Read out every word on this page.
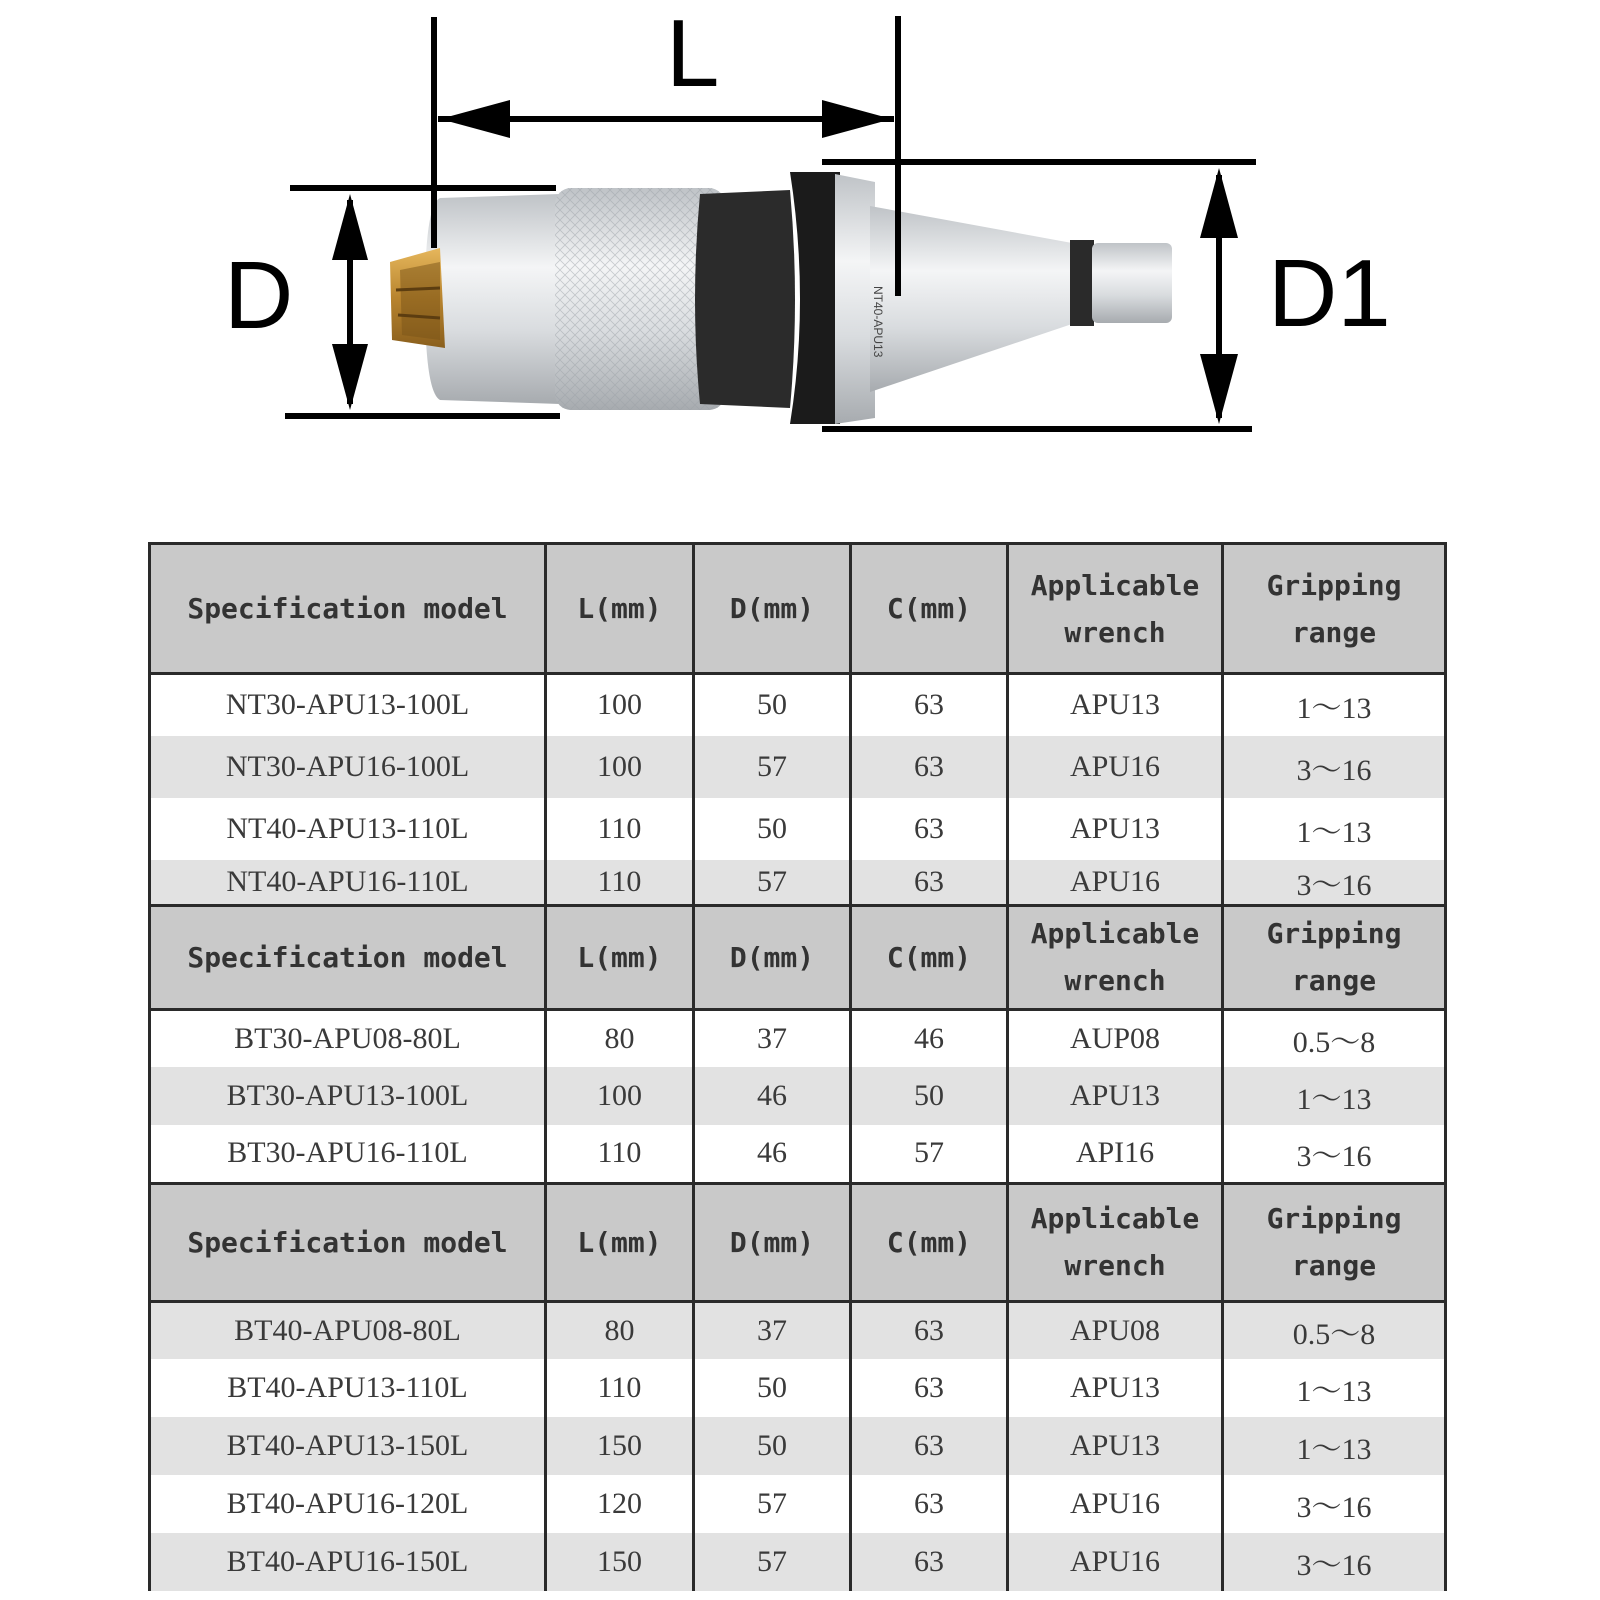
NT40-APU13
L
D	D1
Specification model	L(mm)	D(mm)	C(mm)	Applicable wrench	Gripping range
NT30-APU13-100L	100	50	63	APU13	1～13
NT30-APU16-100L	100	57	63	APU16	3～16
NT40-APU13-110L	110	50	63	APU13	1～13
NT40-APU16-110L	110	57	63	APU16	3～16
Specification model	L(mm)	D(mm)	C(mm)	Applicable wrench	Gripping range
BT30-APU08-80L	80	37	46	AUP08	0.5～8
BT30-APU13-100L	100	46	50	APU13	1～13
BT30-APU16-110L	110	46	57	API16	3～16
Specification model	L(mm)	D(mm)	C(mm)	Applicable wrench	Gripping range
BT40-APU08-80L	80	37	63	APU08	0.5～8
BT40-APU13-110L	110	50	63	APU13	1～13
BT40-APU13-150L	150	50	63	APU13	1～13
BT40-APU16-120L	120	57	63	APU16	3～16
BT40-APU16-150L	150	57	63	APU16	3～16
